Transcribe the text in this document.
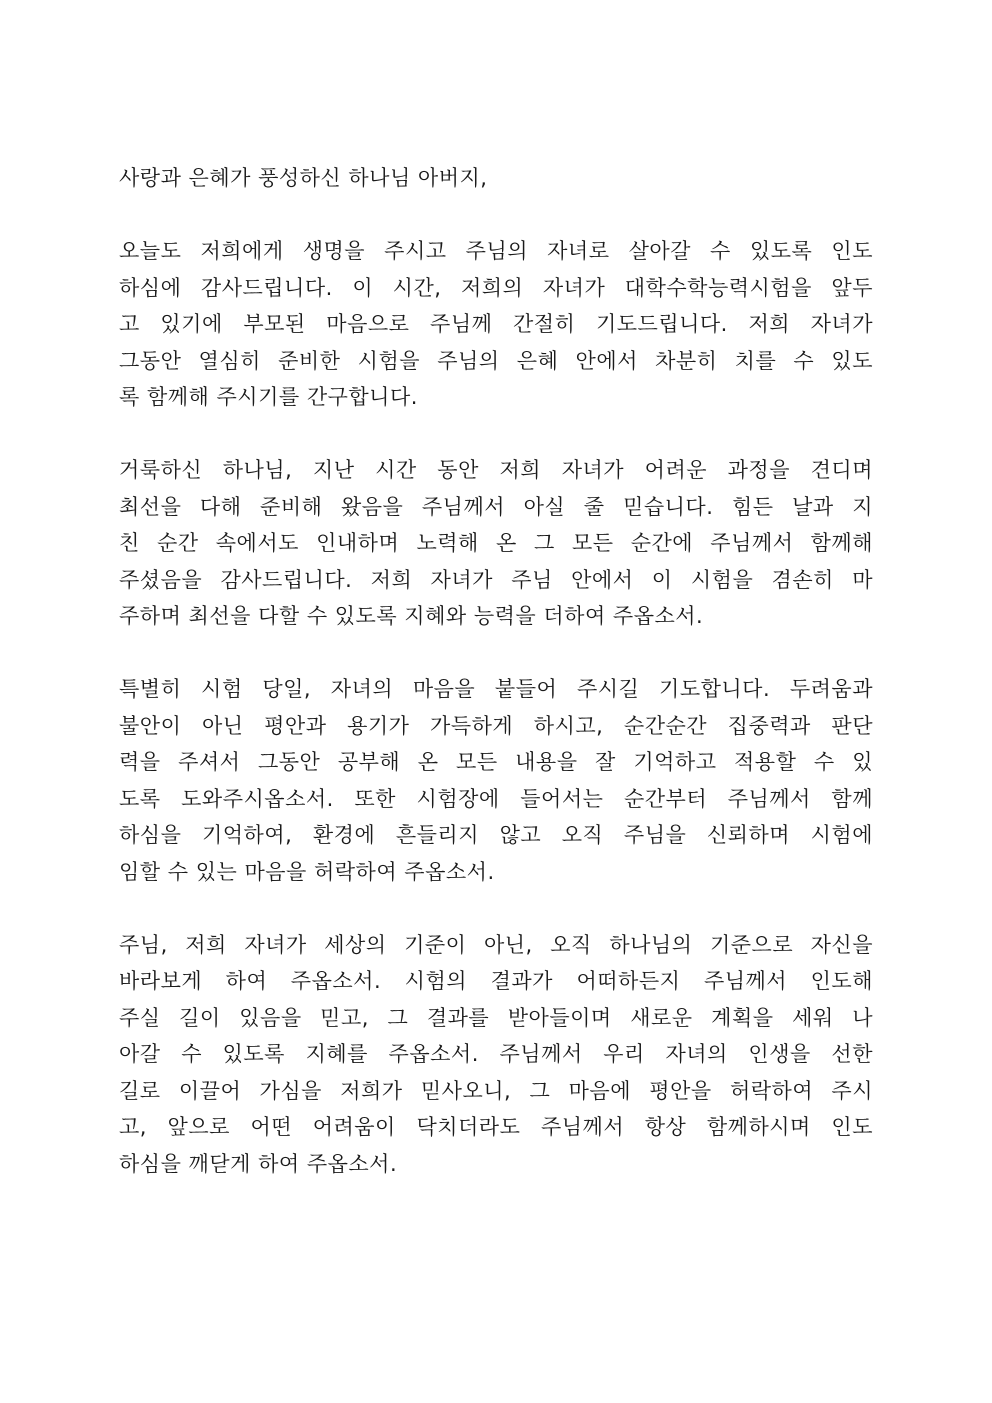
사랑과 은혜가 풍성하신 하나님 아버지,
오늘도 저희에게 생명을 주시고 주님의 자녀로 살아갈 수 있도록 인도
하심에 감사드립니다. 이 시간, 저희의 자녀가 대학수학능력시험을 앞두
고 있기에 부모된 마음으로 주님께 간절히 기도드립니다. 저희 자녀가
그동안 열심히 준비한 시험을 주님의 은혜 안에서 차분히 치를 수 있도
록 함께해 주시기를 간구합니다.
거룩하신 하나님, 지난 시간 동안 저희 자녀가 어려운 과정을 견디며
최선을 다해 준비해 왔음을 주님께서 아실 줄 믿습니다. 힘든 날과 지
친 순간 속에서도 인내하며 노력해 온 그 모든 순간에 주님께서 함께해
주셨음을 감사드립니다. 저희 자녀가 주님 안에서 이 시험을 겸손히 마
주하며 최선을 다할 수 있도록 지혜와 능력을 더하여 주옵소서.
특별히 시험 당일, 자녀의 마음을 붙들어 주시길 기도합니다. 두려움과
불안이 아닌 평안과 용기가 가득하게 하시고, 순간순간 집중력과 판단
력을 주셔서 그동안 공부해 온 모든 내용을 잘 기억하고 적용할 수 있
도록 도와주시옵소서. 또한 시험장에 들어서는 순간부터 주님께서 함께
하심을 기억하여, 환경에 흔들리지 않고 오직 주님을 신뢰하며 시험에
임할 수 있는 마음을 허락하여 주옵소서.
주님, 저희 자녀가 세상의 기준이 아닌, 오직 하나님의 기준으로 자신을
바라보게 하여 주옵소서. 시험의 결과가 어떠하든지 주님께서 인도해
주실 길이 있음을 믿고, 그 결과를 받아들이며 새로운 계획을 세워 나
아갈 수 있도록 지혜를 주옵소서. 주님께서 우리 자녀의 인생을 선한
길로 이끌어 가심을 저희가 믿사오니, 그 마음에 평안을 허락하여 주시
고, 앞으로 어떤 어려움이 닥치더라도 주님께서 항상 함께하시며 인도
하심을 깨닫게 하여 주옵소서.
